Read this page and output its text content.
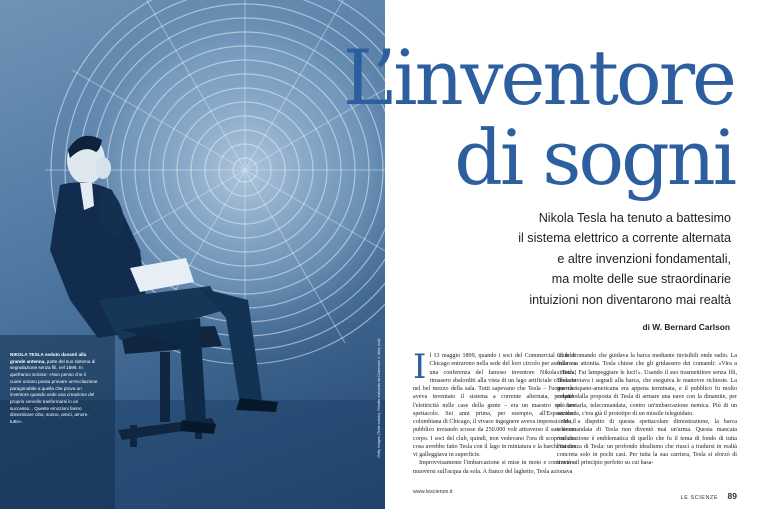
NIKOLA TESLA seduto davanti alla grande antenna, parte del suo sistema di segnalazione senza fili, nel 1896. In quell'anno scrisse: «Non penso che il cuore umano possa provare un'eccitazione paragonabile a quella che prova un inventore quando vede una creazione del proprio cervello trasformarsi in un successo... Queste emozioni fanno dimenticare cibo, sonno, amici, amore, tutto».	Getty Images (Tesla seduto); Ritratto realizzato da Dickenson V. Alley (coil)
L’inventore
di sogni
Nikola Tesla ha tenuto a battesimo
il sistema elettrico a corrente alternata
e altre invenzioni fondamentali,
ma molte delle sue straordinarie
intuizioni non diventarono mai realtà
di W. Bernard Carlson

Il 13 maggio 1899, quando i soci del Commercial Club di Chicago entrarono nella sede del loro circolo per assistere a una conferenza del famoso inventore Nikola Tesla, rimasero sbalorditi alla vista di un lago artificiale collocato nel bel mezzo della sala. Tutti sapevano che Tesla – l'uomo che aveva inventato il sistema a corrente alternata, portando l'elettricità nelle case della gente – era un maestro nel dare spettacolo. Sei anni prima, per esempio, all'Esposizione colombiana di Chicago, il vivace ingegnere aveva impressionato il pubblico inviando scosse da 250.000 volt attraverso il suo stesso corpo. I soci del club, quindi, non vedevano l'ora di scoprire che cosa avrebbe fatto Tesla con il lago in miniatura e la barchetta che vi galleggiava in superficie.

Improvvisamente l'imbarcazione si mise in moto e cominciò a muoversi sull'acqua da sola. A fianco del laghetto, Tesla azionava

un telecomando che guidava la barca mediante invisibili onde radio. La folla era attonita. Tesla chiese che gli gridassero dei comandi: «Vira a sinistra! Fai lampeggiare le luci!». Usando il suo trasmettitore senza fili, Tesla inviava i segnali alla barca, che eseguiva le manovre richieste. La guerra ispano-americana era appena terminata, e il pubblico fu molto colpito dalla proposta di Tesla di armare una nave con la dinamite, per poi inviarla, telecomandata, contro un'imbarcazione nemica. Più di un secolo fa, c'era già il prototipo di un missile teleguidato.

Ma, a dispetto di questa spettacolare dimostrazione, la barca telecomandata di Tesla non diventò mai un'arma. Questa mancata realizzazione è emblematica di quello che fu il tema di fondo di tutta l'esistenza di Tesla: un profondo idealismo che riuscì a tradursi in realtà concreta solo in pochi casi. Per tutta la sua carriera, Tesla si sforzò di trovare il principio perfetto su cui basa-

www.lescienze.it
LE SCIENZE 89
